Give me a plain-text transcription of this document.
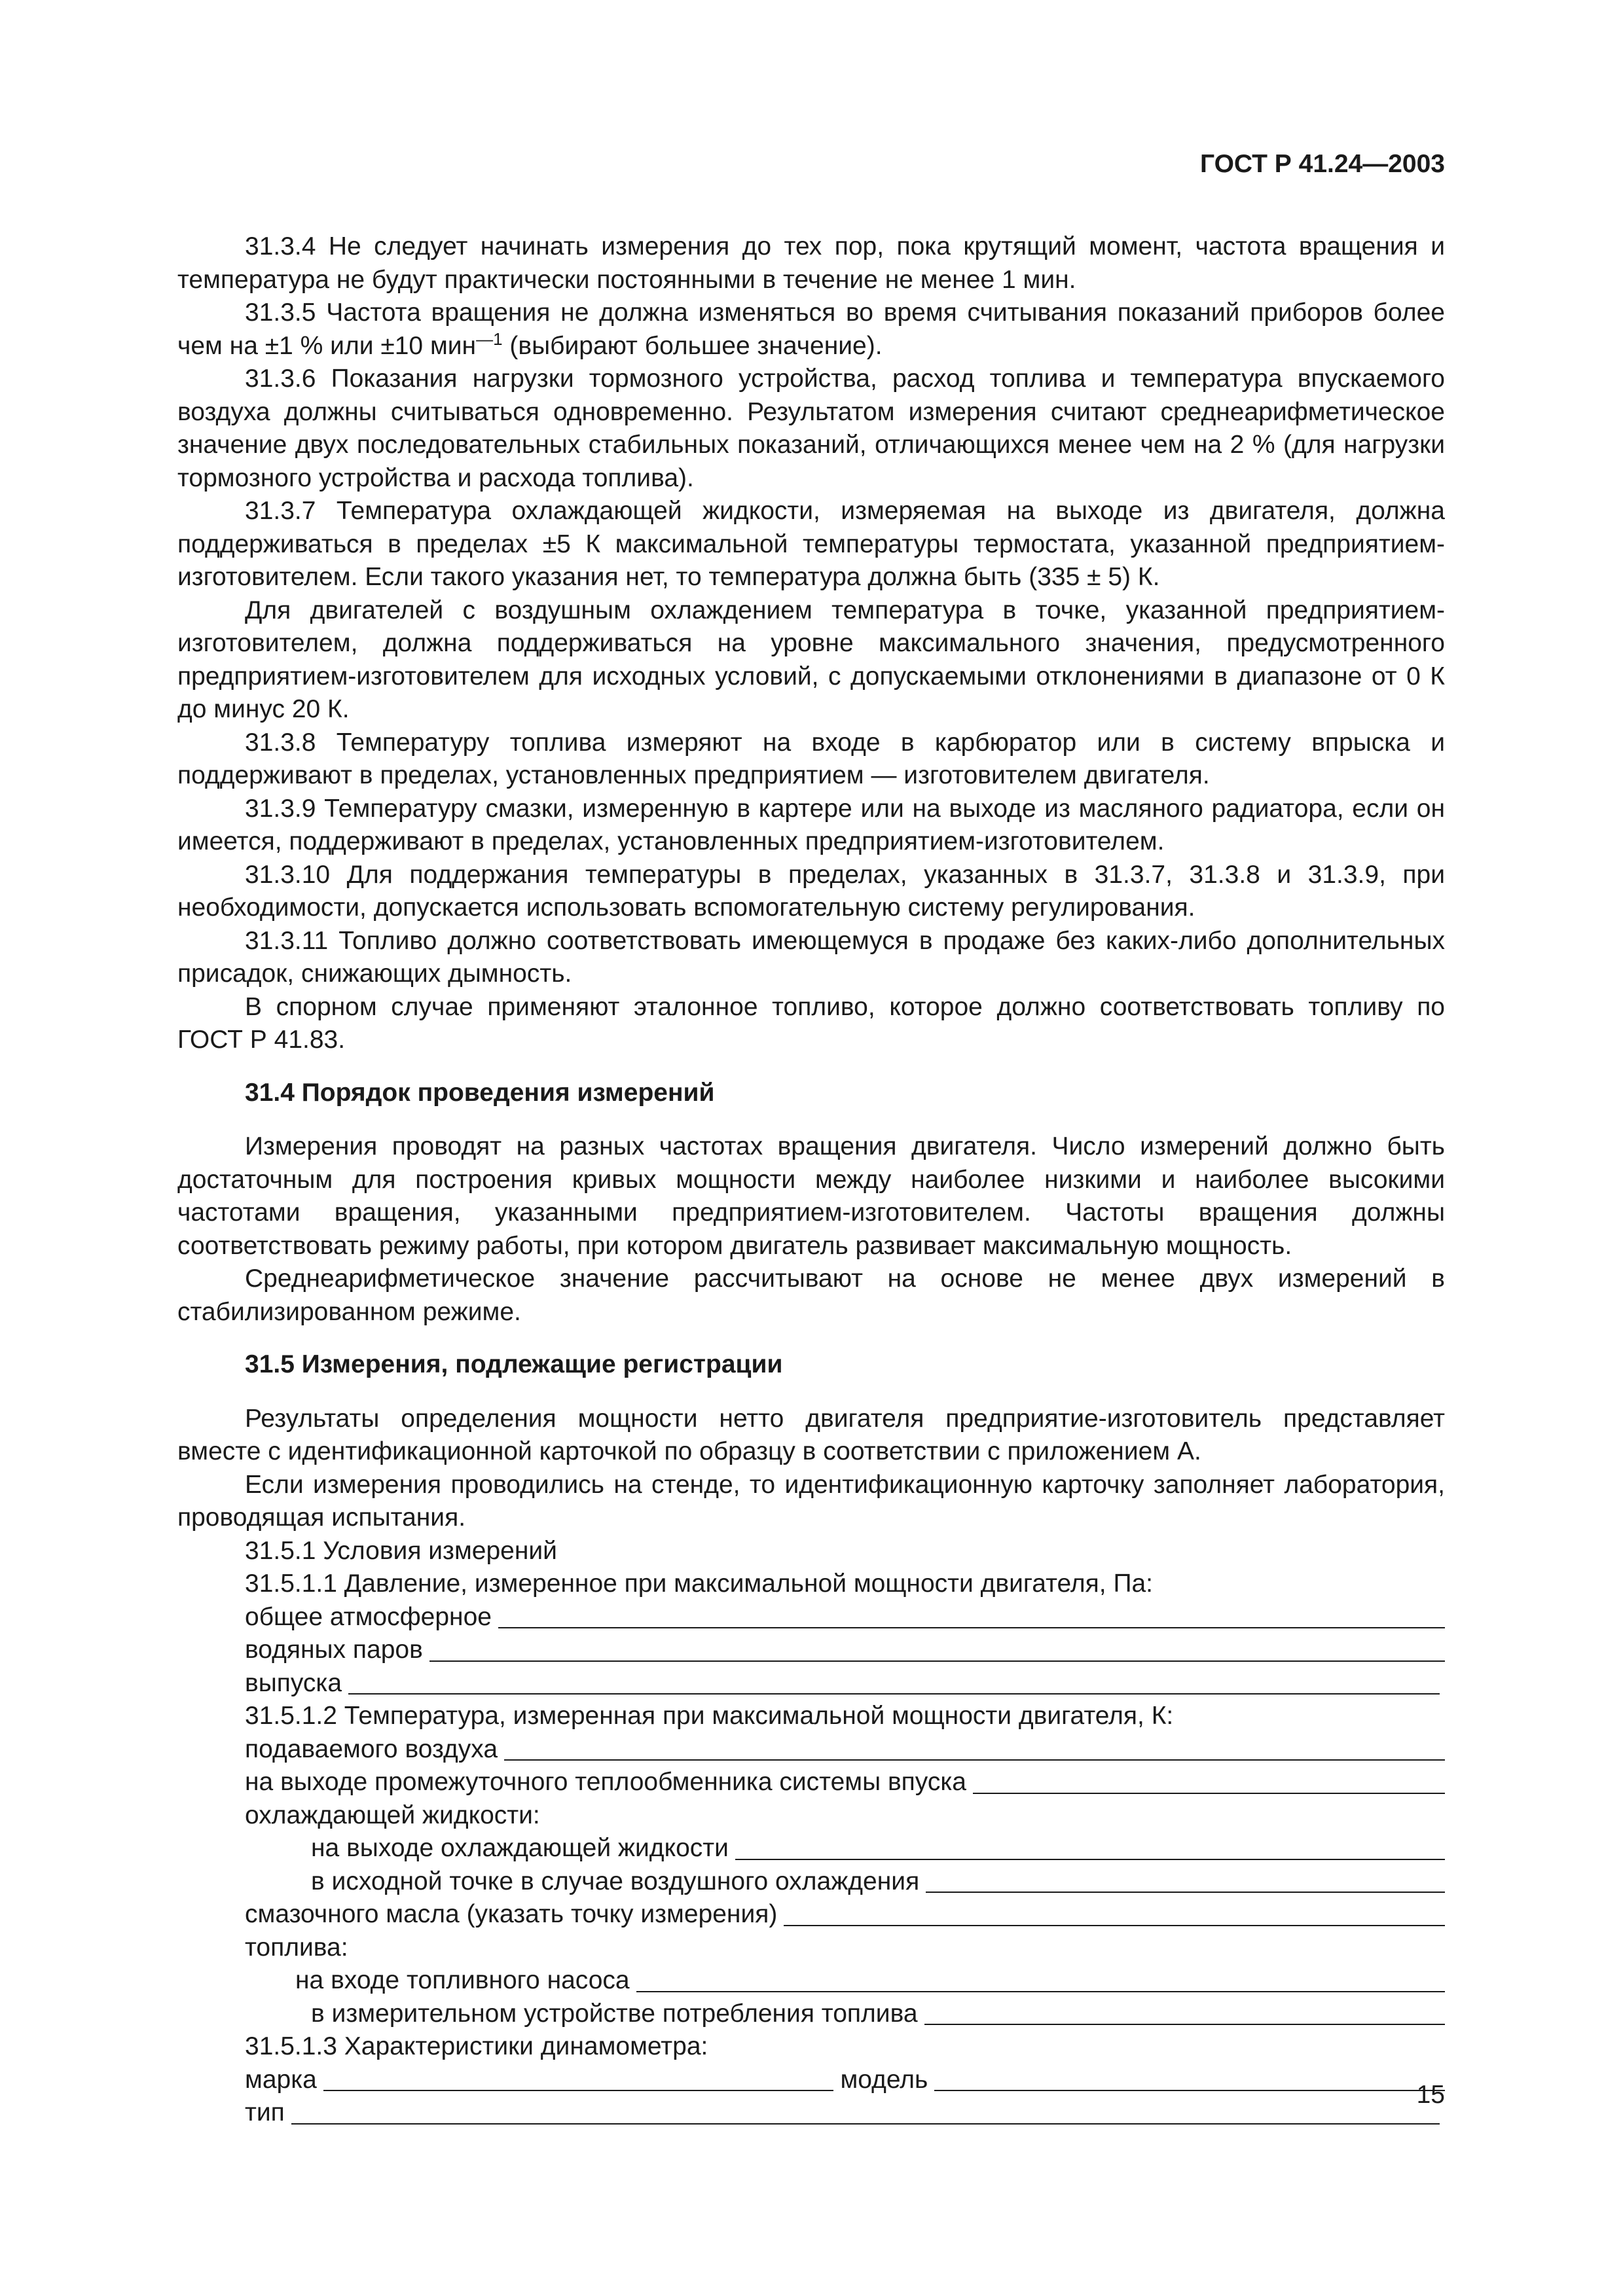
ГОСТ Р 41.24—2003

31.3.4 Не следует начинать измерения до тех пор, пока крутящий момент, частота вращения и температура не будут практически постоянными в течение не менее 1 мин.

31.3.5 Частота вращения не должна изменяться во время считывания показаний приборов более чем на ±1 % или ±10 мин$^{—1}$ (выбирают большее значение).

31.3.6 Показания нагрузки тормозного устройства, расход топлива и температура впускаемого воздуха должны считываться одновременно. Результатом измерения считают среднеарифметическое значение двух последовательных стабильных показаний, отличающихся менее чем на 2 % (для нагрузки тормозного устройства и расхода топлива).

31.3.7 Температура охлаждающей жидкости, измеряемая на выходе из двигателя, должна поддерживаться в пределах ±5 К максимальной температуры термостата, указанной предприятием-изготовителем. Если такого указания нет, то температура должна быть (335 ± 5) К.

Для двигателей с воздушным охлаждением температура в точке, указанной предприятием-изготовителем, должна поддерживаться на уровне максимального значения, предусмотренного предприятием-изготовителем для исходных условий, с допускаемыми отклонениями в диапазоне от 0 К до минус 20 К.

31.3.8 Температуру топлива измеряют на входе в карбюратор или в систему впрыска и поддерживают в пределах, установленных предприятием — изготовителем двигателя.

31.3.9 Температуру смазки, измеренную в картере или на выходе из масляного радиатора, если он имеется, поддерживают в пределах, установленных предприятием-изготовителем.

31.3.10 Для поддержания температуры в пределах, указанных в 31.3.7, 31.3.8 и 31.3.9, при необходимости, допускается использовать вспомогательную систему регулирования.

31.3.11 Топливо должно соответствовать имеющемуся в продаже без каких-либо дополнительных присадок, снижающих дымность.

В спорном случае применяют эталонное топливо, которое должно соответствовать топливу по ГОСТ Р 41.83.

31.4 Порядок проведения измерений

Измерения проводят на разных частотах вращения двигателя. Число измерений должно быть достаточным для построения кривых мощности между наиболее низкими и наиболее высокими частотами вращения, указанными предприятием-изготовителем. Частоты вращения должны соответствовать режиму работы, при котором двигатель развивает максимальную мощность.

Среднеарифметическое значение рассчитывают на основе не менее двух измерений в стабилизированном режиме.

31.5 Измерения, подлежащие регистрации

Результаты определения мощности нетто двигателя предприятие-изготовитель представляет вместе с идентификационной карточкой по образцу в соответствии с приложением А.

Если измерения проводились на стенде, то идентификационную карточку заполняет лаборатория, проводящая испытания.

31.5.1 Условия измерений

31.5.1.1 Давление, измеренное при максимальной мощности двигателя, Па:

общее атмосферное
водяных паров
выпуска

31.5.1.2 Температура, измеренная при максимальной мощности двигателя, К:

подаваемого воздуха
на выходе промежуточного теплообменника системы впуска
охлаждающей жидкости:
на выходе охлаждающей жидкости
в исходной точке в случае воздушного охлаждения
смазочного масла (указать точку измерения)
топлива:
на входе топливного насоса
в измерительном устройстве потребления топлива

31.5.1.3 Характеристики динамометра:

марка	модель
тип
15
